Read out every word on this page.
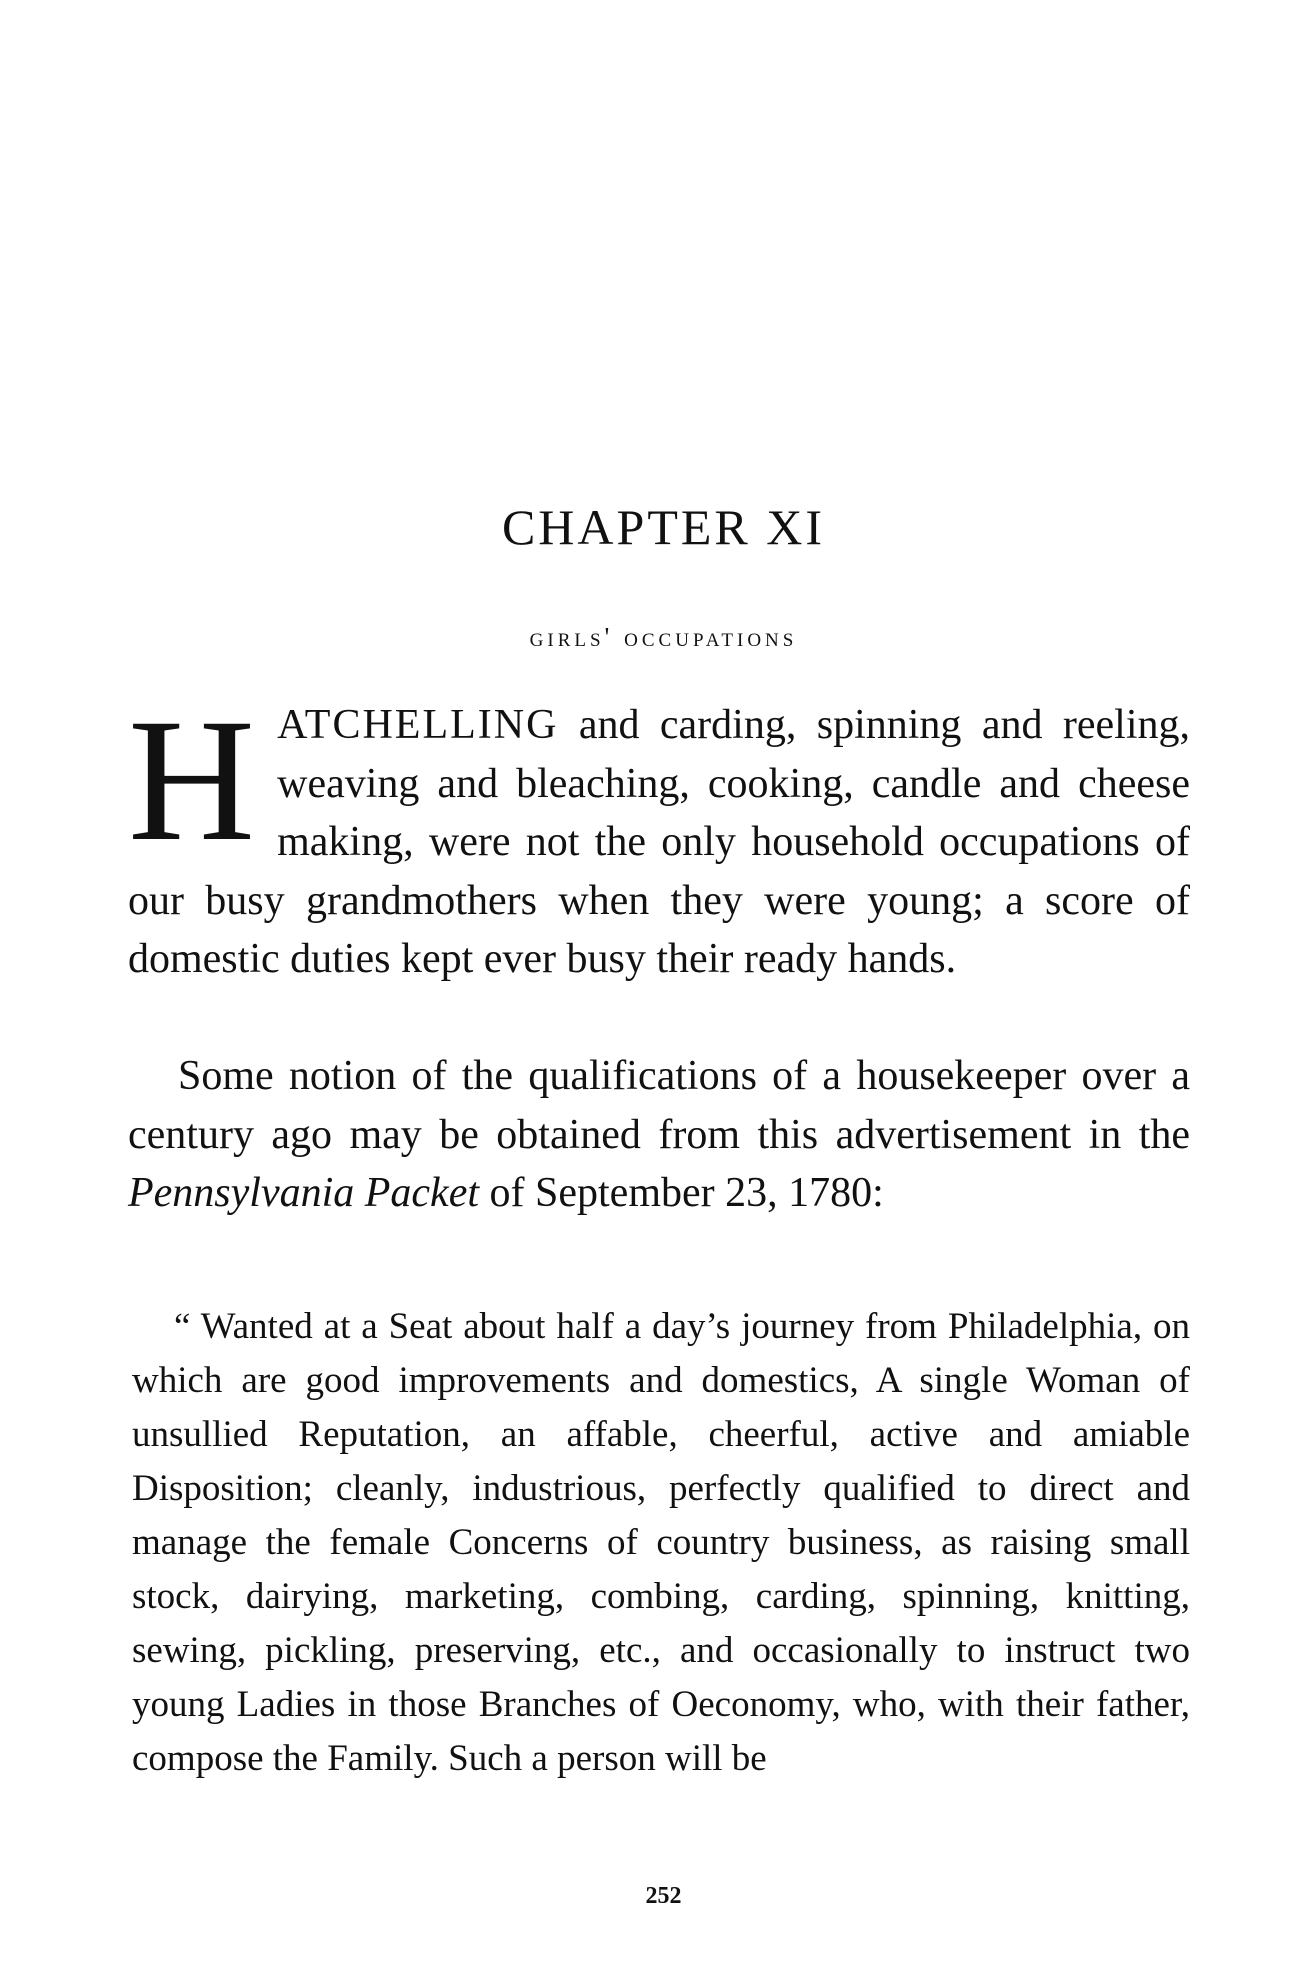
CHAPTER XI
girls' occupations
HATCHELLING and carding, spinning and reeling, weaving and bleaching, cooking, candle and cheese making, were not the only household occupations of our busy grandmothers when they were young; a score of domestic duties kept ever busy their ready hands.
Some notion of the qualifications of a housekeeper over a century ago may be obtained from this advertisement in the Pennsylvania Packet of September 23, 1780:
“ Wanted at a Seat about half a day’s journey from Philadelphia, on which are good improvements and domestics, A single Woman of unsullied Reputation, an affable, cheerful, active and amiable Disposition; cleanly, industrious, perfectly qualified to direct and manage the female Concerns of country business, as raising small stock, dairying, marketing, combing, carding, spinning, knitting, sewing, pickling, preserving, etc., and occasionally to instruct two young Ladies in those Branches of Oeconomy, who, with their father, compose the Family. Such a person will be
252
